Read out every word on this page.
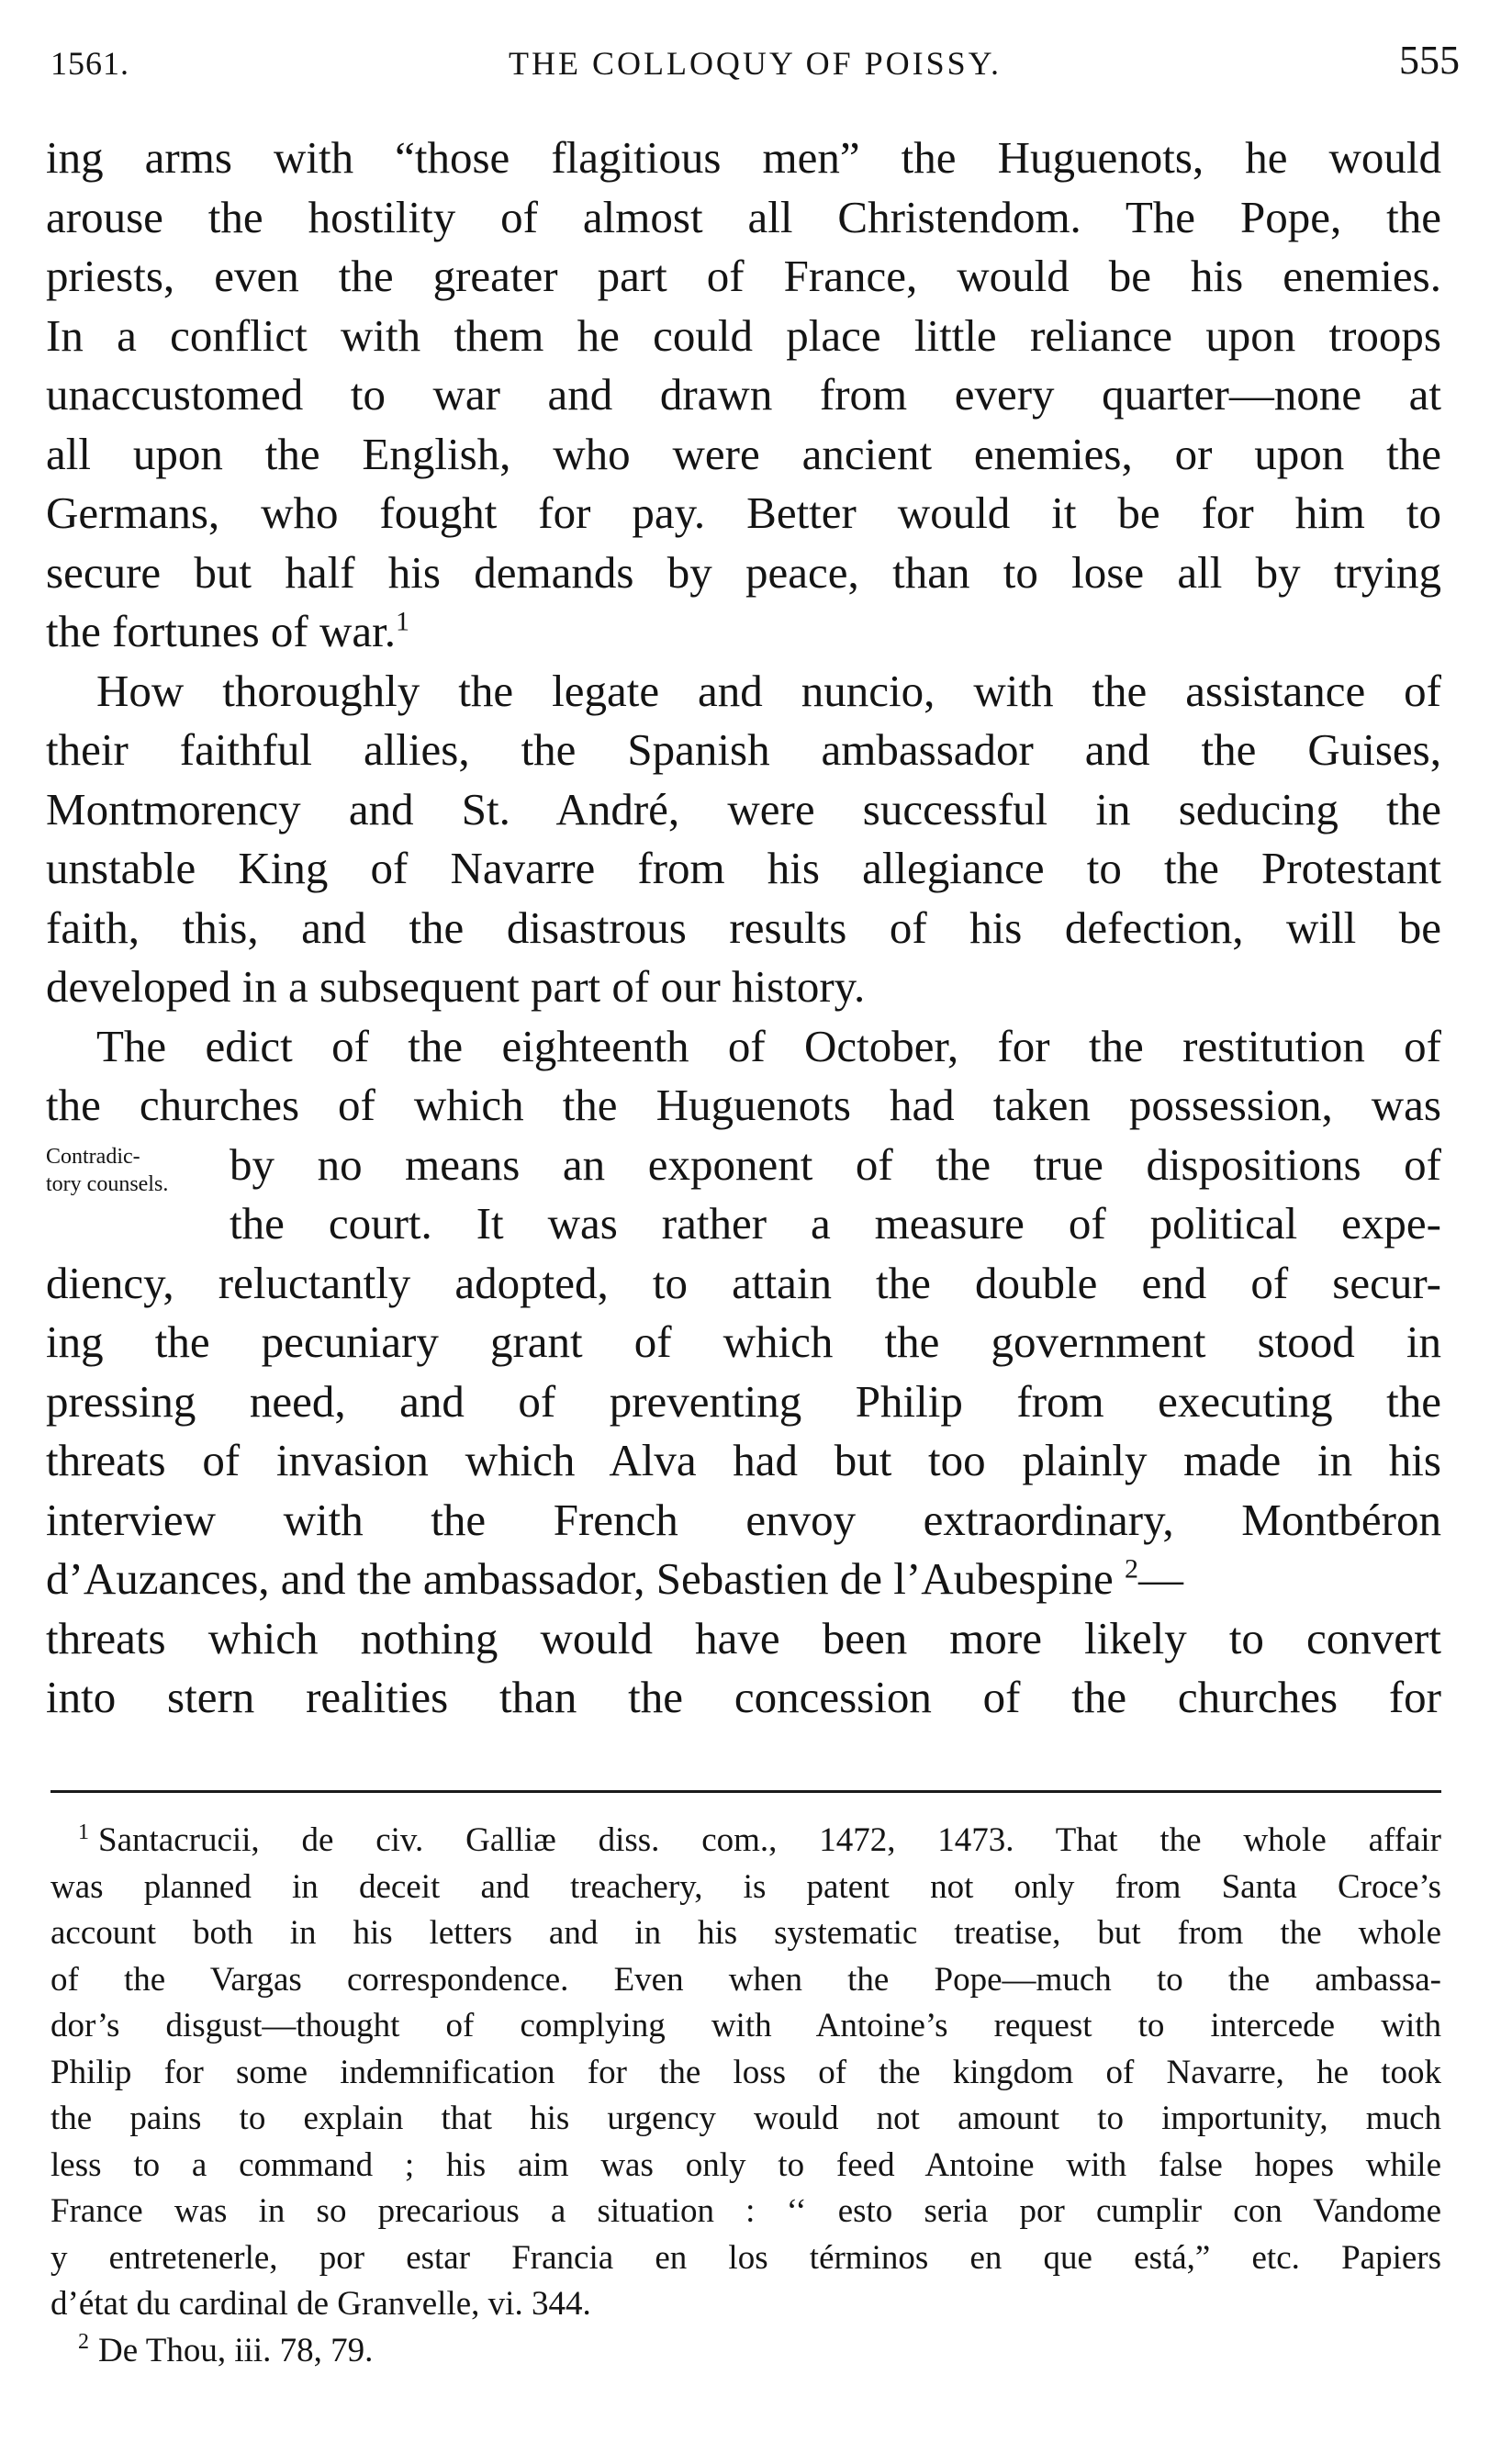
1561.	THE COLLOQUY OF POISSY.	555
ing arms with “those flagitious men” the Huguenots, he would
arouse the hostility of almost all Christendom. The Pope, the
priests, even the greater part of France, would be his enemies.
In a conflict with them he could place little reliance upon troops
unaccustomed to war and drawn from every quarter—none at
all upon the English, who were ancient enemies, or upon the
Germans, who fought for pay. Better would it be for him to
secure but half his demands by peace, than to lose all by trying
the fortunes of war.$^1$
How thoroughly the legate and nuncio, with the assistance of
their faithful allies, the Spanish ambassador and the Guises,
Montmorency and St. André, were successful in seducing the
unstable King of Navarre from his allegiance to the Protestant
faith, this, and the disastrous results of his defection, will be
developed in a subsequent part of our history.
The edict of the eighteenth of October, for the restitution of
the churches of which the Huguenots had taken possession, was
Contradic-
tory counsels. by no means an exponent of the true dispositions of
the court. It was rather a measure of political expe-
diency, reluctantly adopted, to attain the double end of secur-
ing the pecuniary grant of which the government stood in
pressing need, and of preventing Philip from executing the
threats of invasion which Alva had but too plainly made in his
interview with the French envoy extraordinary, Montbéron
d’Auzances, and the ambassador, Sebastien de l’Aubespine $^2$—
threats which nothing would have been more likely to convert
into stern realities than the concession of the churches for
$^1$ Santacrucii, de civ. Galliæ diss. com., 1472, 1473. That the whole affair
was planned in deceit and treachery, is patent not only from Santa Croce’s
account both in his letters and in his systematic treatise, but from the whole
of the Vargas correspondence. Even when the Pope—much to the ambassa-
dor’s disgust—thought of complying with Antoine’s request to intercede with
Philip for some indemnification for the loss of the kingdom of Navarre, he took
the pains to explain that his urgency would not amount to importunity, much
less to a command ; his aim was only to feed Antoine with false hopes while
France was in so precarious a situation : ‘‘ esto seria por cumplir con Vandome
y entretenerle, por estar Francia en los términos en que está,” etc. Papiers
d’état du cardinal de Granvelle, vi. 344.
$^2$ De Thou, iii. 78, 79.
